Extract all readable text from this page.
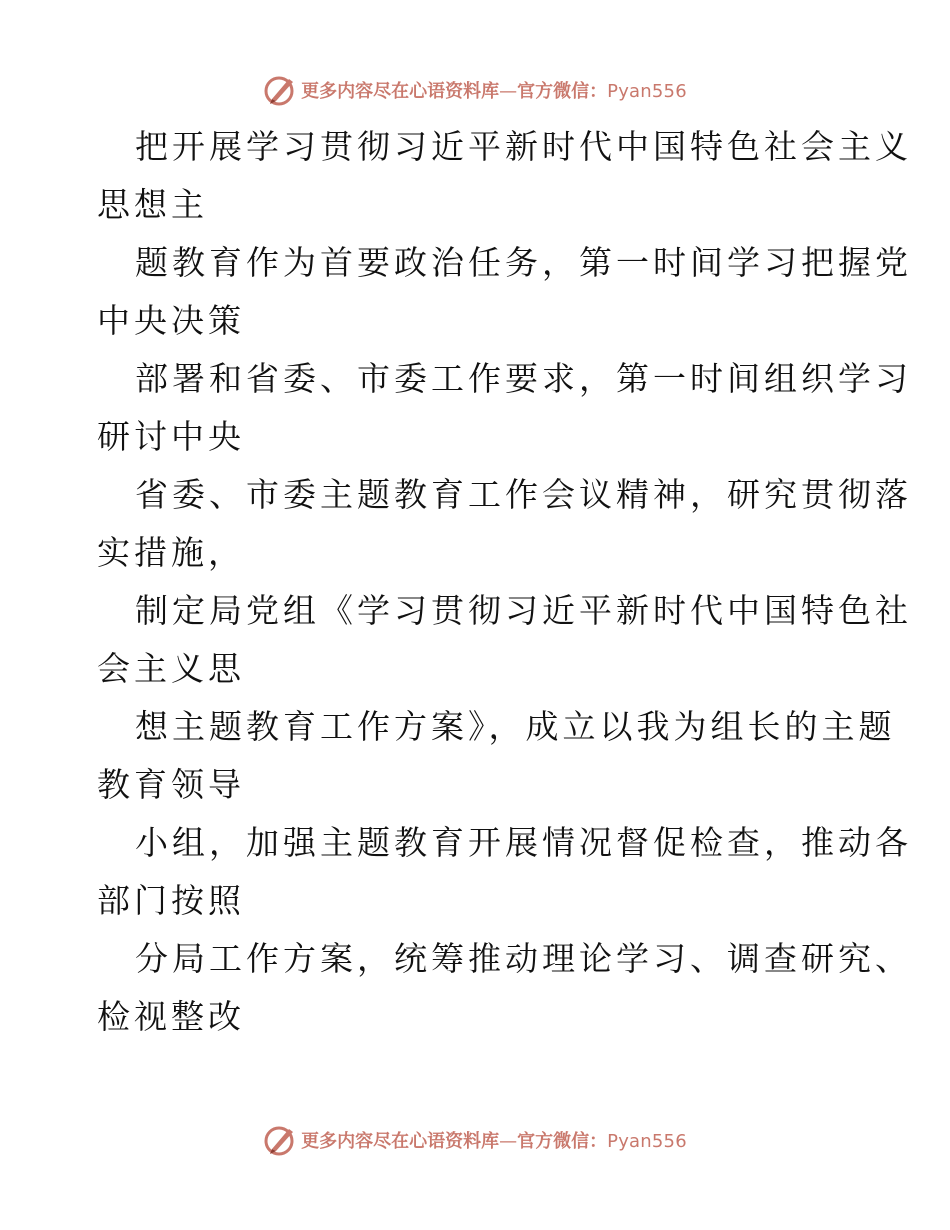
更多内容尽在心语资料库—官方微信：Pyan556
把开展学习贯彻习近平新时代中国特色社会主义
思想主
题教育作为首要政治任务，第一时间学习把握党
中央决策
部署和省委、市委工作要求，第一时间组织学习
研讨中央
省委、市委主题教育工作会议精神，研究贯彻落
实措施，
制定局党组《学习贯彻习近平新时代中国特色社
会主义思
想主题教育工作方案》，成立以我为组长的主题
教育领导
小组，加强主题教育开展情况督促检查，推动各
部门按照
分局工作方案，统筹推动理论学习、调查研究、
检视整改
更多内容尽在心语资料库—官方微信：Pyan556
